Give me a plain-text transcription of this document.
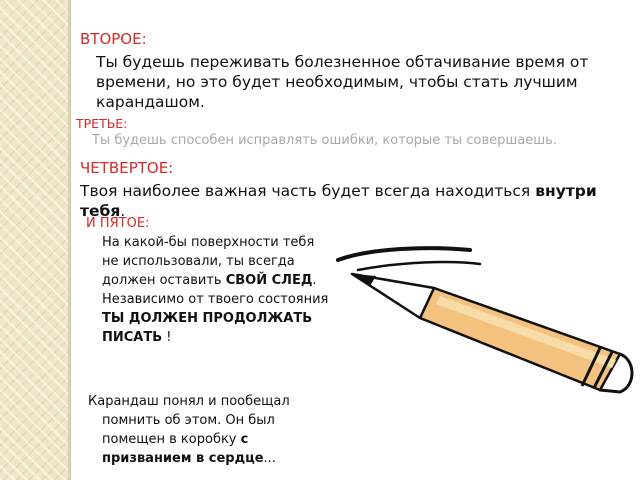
ВТОРОЕ:
Ты будешь переживать болезненное обтачивание время от времени, но это будет необходимым, чтобы стать лучшим карандашом.
ТРЕТЬЕ:
Ты будешь способен исправлять ошибки, которые ты совершаешь.
ЧЕТВЕРТОЕ:
Твоя наиболее важная часть будет всегда находиться внутри тебя.
И ПЯТОЕ:
На какой-бы поверхности тебя не использовали, ты всегда должен оставить СВОЙ СЛЕД. Независимо от твоего состояния ТЫ ДОЛЖЕН ПРОДОЛЖАТЬ ПИСАТЬ !
Карандаш понял и пообещал
помнить об этом. Он был помещен в коробку с призванием в сердце...
